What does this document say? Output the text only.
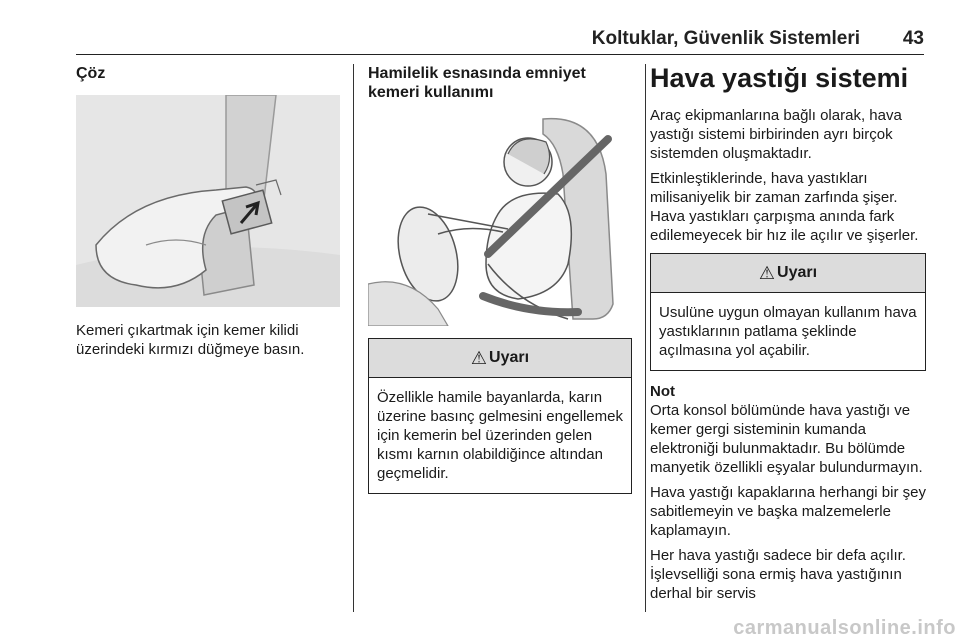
Koltuklar, Güvenlik Sistemleri 43
Çöz

Kemeri çıkartmak için kemer kilidi üzerindeki kırmızı düğmeye basın.

Hamilelik esnasında emniyet
kemeri kullanımı
⚠ Uyarı
Özellikle hamile bayanlarda, karın üzerine basınç gelmesini engellemek için kemerin bel üzerinden gelen kısmı karnın olabildiğince altından geçmelidir.
Hava yastığı sistemi

Araç ekipmanlarına bağlı olarak, hava yastığı sistemi birbirinden ayrı birçok sistemden oluşmaktadır.

Etkinleştiklerinde, hava yastıkları milisaniyelik bir zaman zarfında şişer. Hava yastıkları çarpışma anında fark edilemeyecek bir hız ile açılır ve şişerler.

⚠ Uyarı
Usulüne uygun olmayan kullanım hava yastıklarının patlama şeklinde açılmasına yol açabilir.
Not

Orta konsol bölümünde hava yastığı ve kemer gergi sisteminin kumanda elektroniği bulunmaktadır. Bu bölümde manyetik özellikli eşyalar bulundurmayın.

Hava yastığı kapaklarına herhangi bir şey sabitlemeyin ve başka malzemelerle kaplamayın.

Her hava yastığı sadece bir defa açılır. İşlevselliği sona ermiş hava yastığının derhal bir servis

carmanualsonline.info
